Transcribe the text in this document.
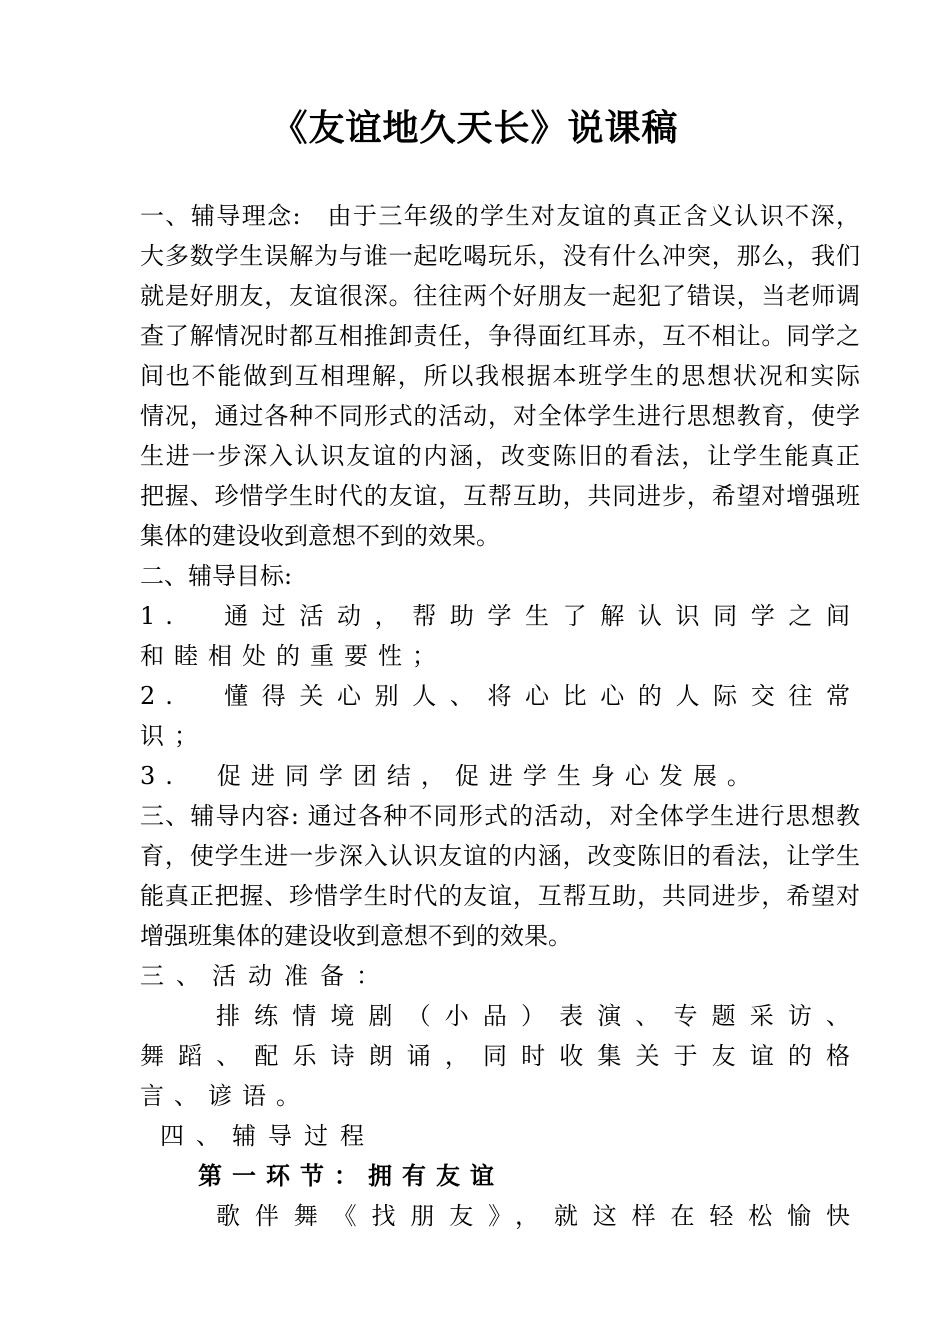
《友谊地久天长》说课稿

一、辅导理念:　由于三年级的学生对友谊的真正含义认识不深，

大多数学生误解为与谁一起吃喝玩乐，没有什么冲突，那么，我们

就是好朋友，友谊很深。往往两个好朋友一起犯了错误，当老师调

查了解情况时都互相推卸责任，争得面红耳赤，互不相让。同学之

间也不能做到互相理解，所以我根据本班学生的思想状况和实际

情况，通过各种不同形式的活动，对全体学生进行思想教育，使学

生进一步深入认识友谊的内涵，改变陈旧的看法，让学生能真正

把握、珍惜学生时代的友谊，互帮互助，共同进步，希望对增强班

集体的建设收到意想不到的效果。

二、辅导目标:

1.　通过活动，帮助学生了解认识同学之间

和睦相处的重要性；

2.　懂得关心别人、将心比心的人际交往常

识；

3.　促进同学团结，促进学生身心发展。

三、辅导内容: 通过各种不同形式的活动，对全体学生进行思想教

育，使学生进一步深入认识友谊的内涵，改变陈旧的看法，让学生

能真正把握、珍惜学生时代的友谊，互帮互助，共同进步，希望对

增强班集体的建设收到意想不到的效果。

三、活动准备：

排练情境剧（小品）表演、专题采访、

舞蹈、配乐诗朗诵，同时收集关于友谊的格

言、谚语。

四、辅导过程

第一环节：拥有友谊

歌伴舞《找朋友》，就这样在轻松愉快
